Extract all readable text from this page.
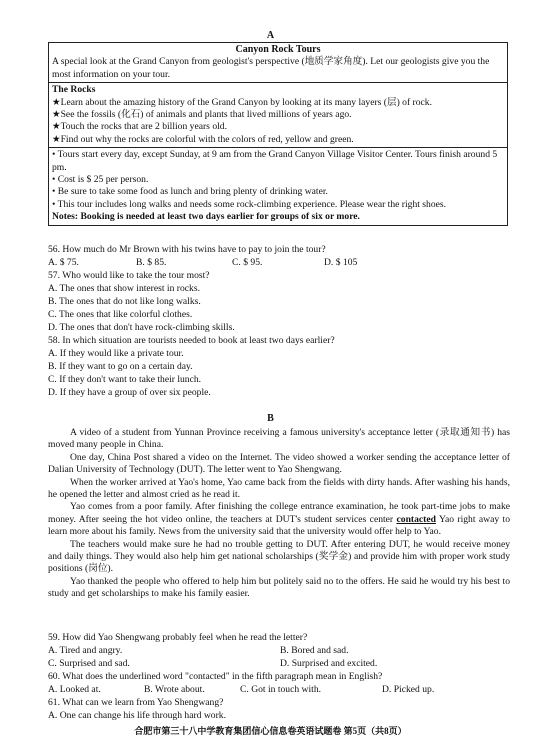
A
Canyon Rock Tours
A special look at the Grand Canyon from geologist's perspective (地质学家角度). Let our geologists give you the most information on your tour.
The Rocks
★Learn about the amazing history of the Grand Canyon by looking at its many layers (层) of rock.
★See the fossils (化石) of animals and plants that lived millions of years ago.
★Touch the rocks that are 2 billion years old.
★Find out why the rocks are colorful with the colors of red, yellow and green.
• Tours start every day, except Sunday, at 9 am from the Grand Canyon Village Visitor Center. Tours finish around 5 pm.
• Cost is $ 25 per person.
• Be sure to take some food as lunch and bring plenty of drinking water.
• This tour includes long walks and needs some rock-climbing experience. Please wear the right shoes.
Notes: Booking is needed at least two days earlier for groups of six or more.
56. How much do Mr Brown with his twins have to pay to join the tour?
A. $ 75.	B. $ 85.	C. $ 95.	D. $ 105
57. Who would like to take the tour most?
A. The ones that show interest in rocks.
B. The ones that do not like long walks.
C. The ones that like colorful clothes.
D. The ones that don't have rock-climbing skills.
58. In which situation are tourists needed to book at least two days earlier?
A. If they would like a private tour.
B. If they want to go on a certain day.
C. If they don't want to take their lunch.
D. If they have a group of over six people.
B

A video of a student from Yunnan Province receiving a famous university's acceptance letter (录取通知书) has moved many people in China.

One day, China Post shared a video on the Internet. The video showed a worker sending the acceptance letter of Dalian University of Technology (DUT). The letter went to Yao Shengwang.

When the worker arrived at Yao's home, Yao came back from the fields with dirty hands. After washing his hands, he opened the letter and almost cried as he read it.

Yao comes from a poor family. After finishing the college entrance examination, he took part-time jobs to make money. After seeing the hot video online, the teachers at DUT's student services center contacted Yao right away to learn more about his family. News from the university said that the university would offer help to Yao.

The teachers would make sure he had no trouble getting to DUT. After entering DUT, he would receive money and daily things. They would also help him get national scholarships (奖学金) and provide him with proper work study positions (岗位).

Yao thanked the people who offered to help him but politely said no to the offers. He said he would try his best to study and get scholarships to make his family easier.

59. How did Yao Shengwang probably feel when he read the letter?
A. Tired and angry.	B. Bored and sad.
C. Surprised and sad.	D. Surprised and excited.
60. What does the underlined word "contacted" in the fifth paragraph mean in English?
A. Looked at.	B. Wrote about.	C. Got in touch with.	D. Picked up.
61. What can we learn from Yao Shengwang?
A. One can change his life through hard work.
合肥市第三十八中学教育集团信心信息卷英语试题卷 第5页（共8页）
